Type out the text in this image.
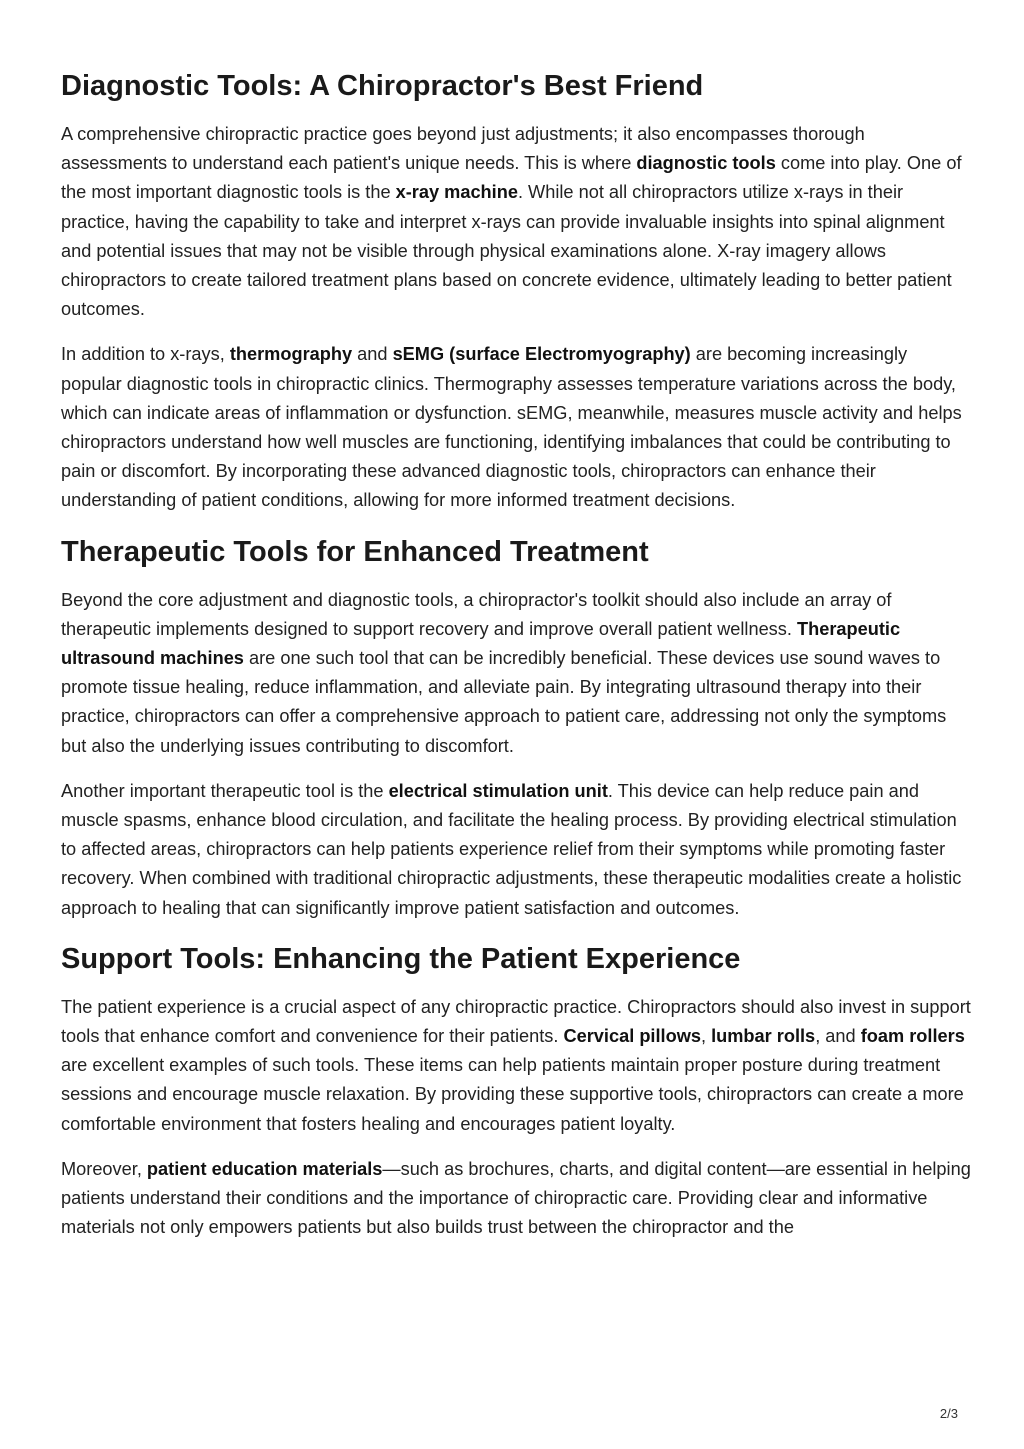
Diagnostic Tools: A Chiropractor's Best Friend

A comprehensive chiropractic practice goes beyond just adjustments; it also encompasses thorough assessments to understand each patient's unique needs. This is where diagnostic tools come into play. One of the most important diagnostic tools is the x-ray machine. While not all chiropractors utilize x-rays in their practice, having the capability to take and interpret x-rays can provide invaluable insights into spinal alignment and potential issues that may not be visible through physical examinations alone. X-ray imagery allows chiropractors to create tailored treatment plans based on concrete evidence, ultimately leading to better patient outcomes.

In addition to x-rays, thermography and sEMG (surface Electromyography) are becoming increasingly popular diagnostic tools in chiropractic clinics. Thermography assesses temperature variations across the body, which can indicate areas of inflammation or dysfunction. sEMG, meanwhile, measures muscle activity and helps chiropractors understand how well muscles are functioning, identifying imbalances that could be contributing to pain or discomfort. By incorporating these advanced diagnostic tools, chiropractors can enhance their understanding of patient conditions, allowing for more informed treatment decisions.

Therapeutic Tools for Enhanced Treatment

Beyond the core adjustment and diagnostic tools, a chiropractor's toolkit should also include an array of therapeutic implements designed to support recovery and improve overall patient wellness. Therapeutic ultrasound machines are one such tool that can be incredibly beneficial. These devices use sound waves to promote tissue healing, reduce inflammation, and alleviate pain. By integrating ultrasound therapy into their practice, chiropractors can offer a comprehensive approach to patient care, addressing not only the symptoms but also the underlying issues contributing to discomfort.

Another important therapeutic tool is the electrical stimulation unit. This device can help reduce pain and muscle spasms, enhance blood circulation, and facilitate the healing process. By providing electrical stimulation to affected areas, chiropractors can help patients experience relief from their symptoms while promoting faster recovery. When combined with traditional chiropractic adjustments, these therapeutic modalities create a holistic approach to healing that can significantly improve patient satisfaction and outcomes.

Support Tools: Enhancing the Patient Experience

The patient experience is a crucial aspect of any chiropractic practice. Chiropractors should also invest in support tools that enhance comfort and convenience for their patients. Cervical pillows, lumbar rolls, and foam rollers are excellent examples of such tools. These items can help patients maintain proper posture during treatment sessions and encourage muscle relaxation. By providing these supportive tools, chiropractors can create a more comfortable environment that fosters healing and encourages patient loyalty.

Moreover, patient education materials—such as brochures, charts, and digital content—are essential in helping patients understand their conditions and the importance of chiropractic care. Providing clear and informative materials not only empowers patients but also builds trust between the chiropractor and the

2/3
